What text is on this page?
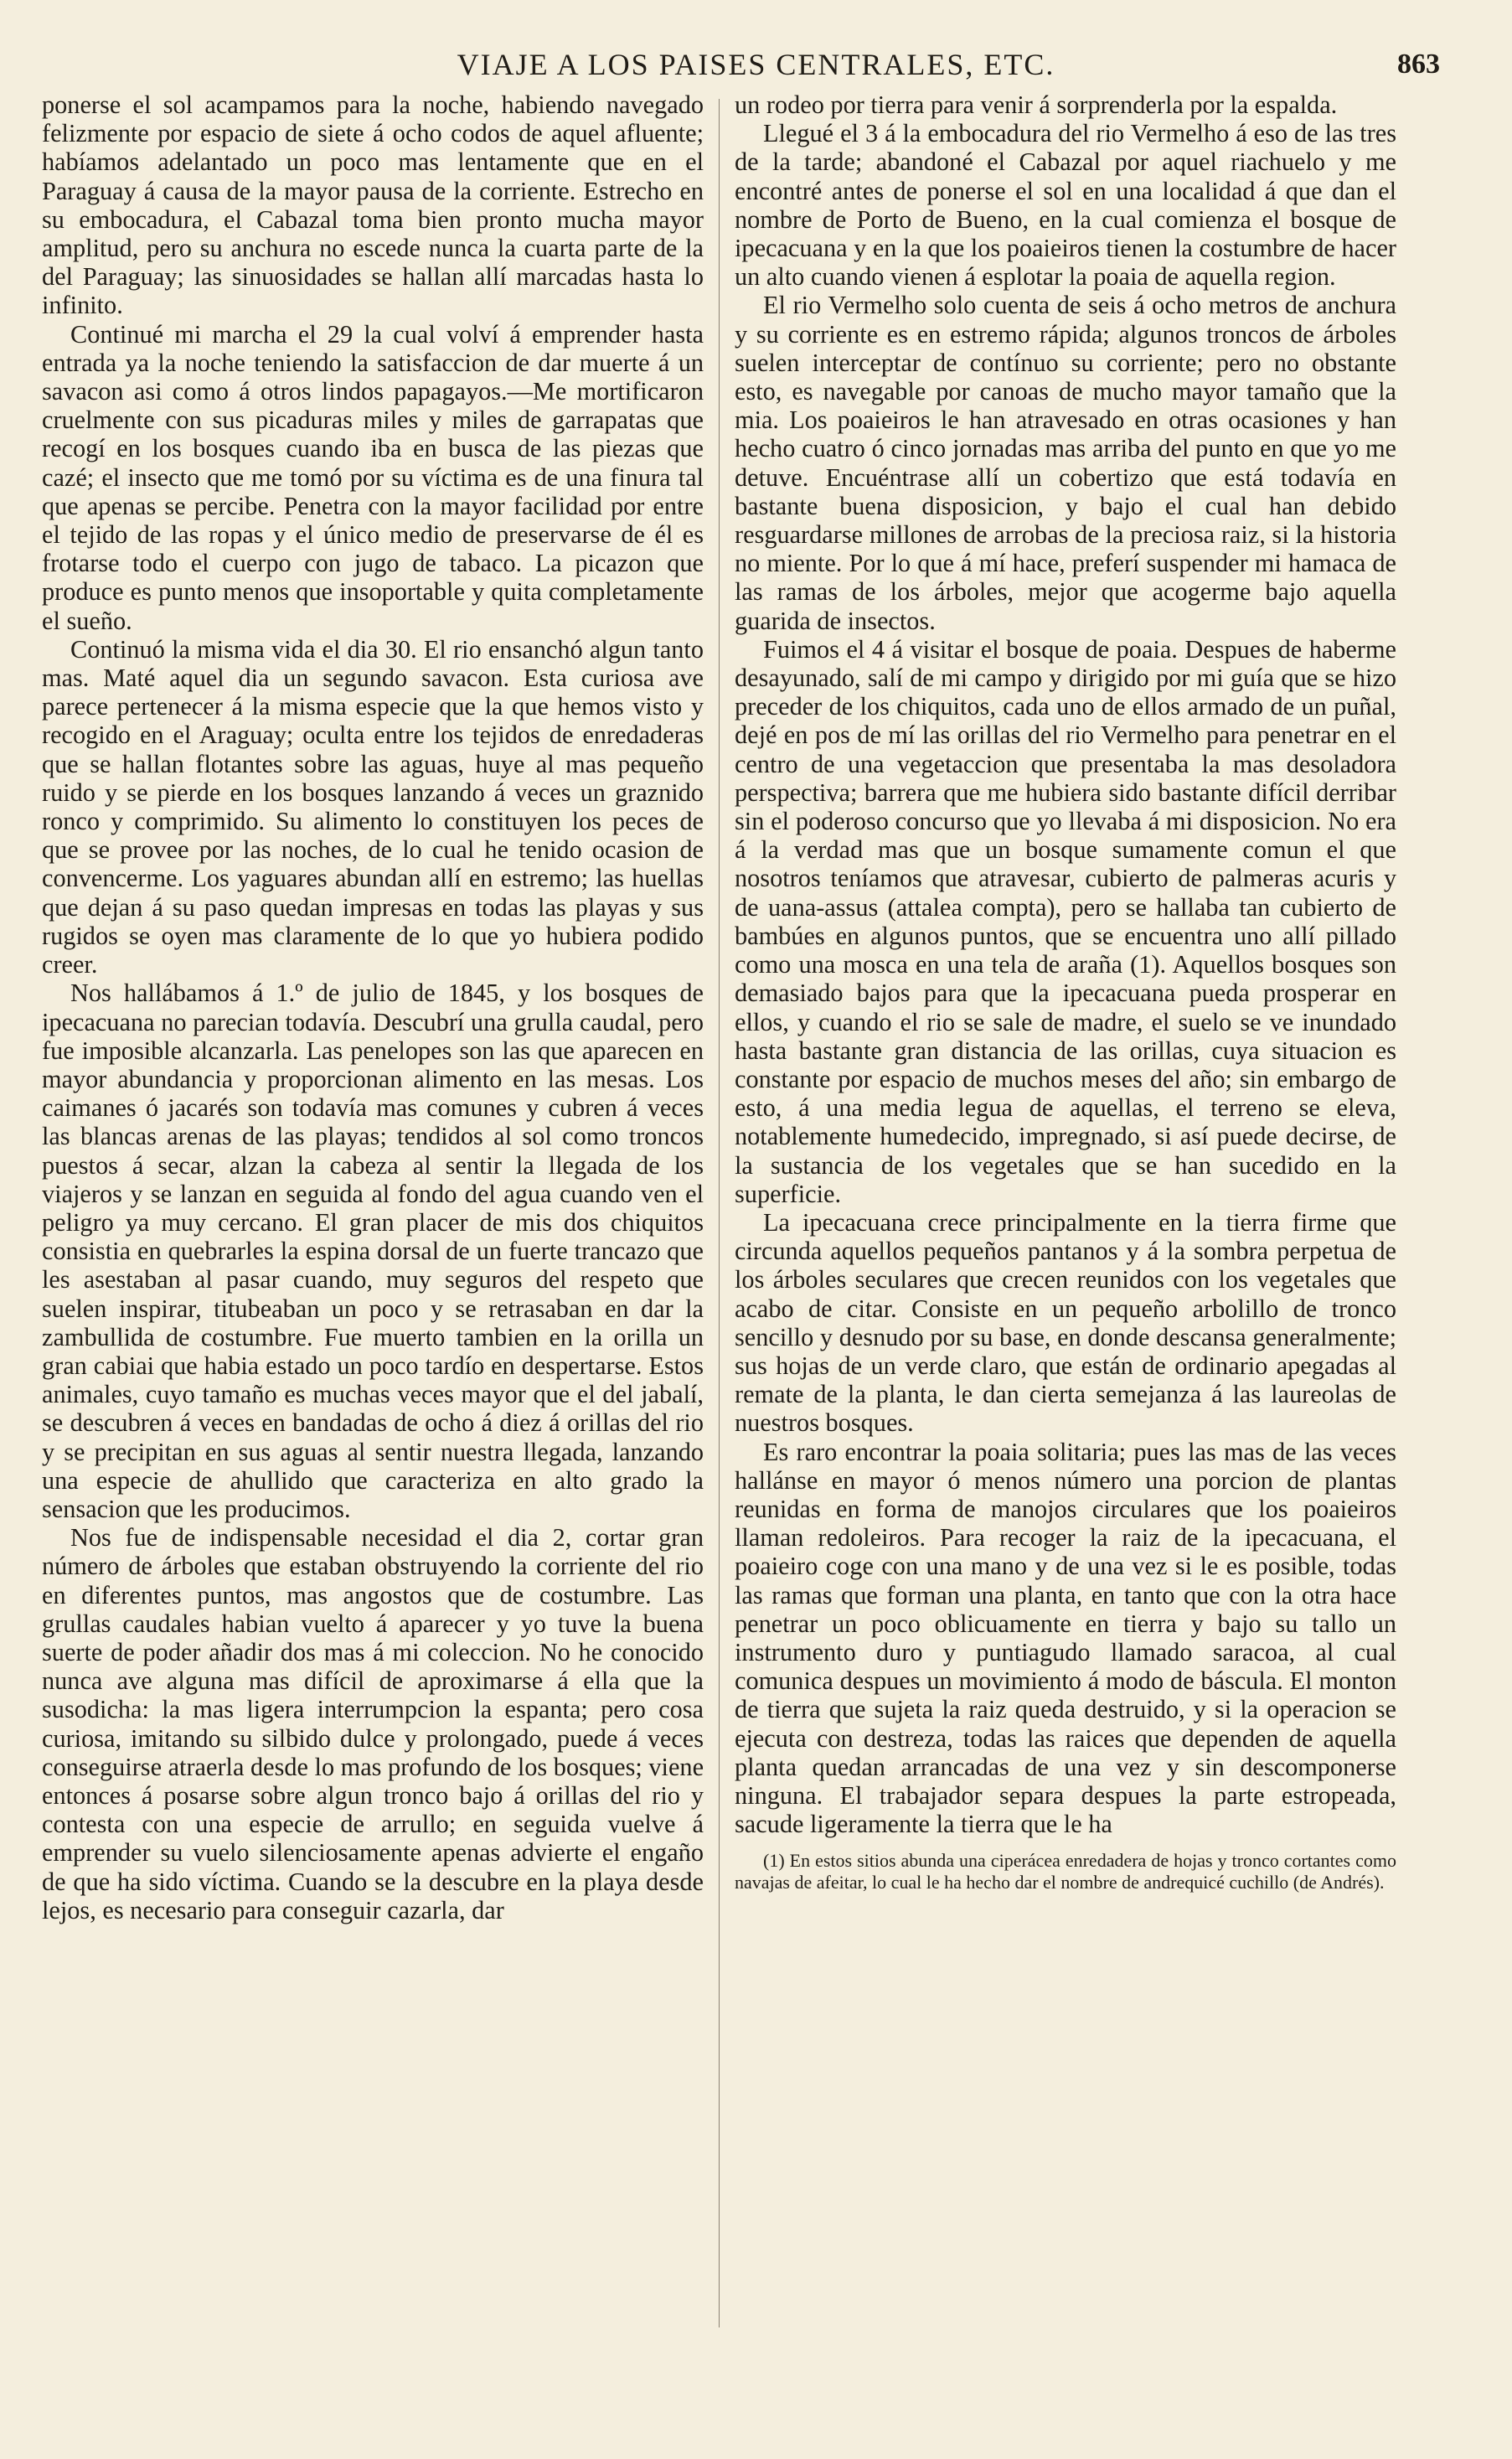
VIAJE A LOS PAISES CENTRALES, ETC.	863

ponerse el sol acampamos para la noche, habiendo navegado felizmente por espacio de siete á ocho codos de aquel afluente; habíamos adelantado un poco mas lentamente que en el Paraguay á causa de la mayor pausa de la corriente. Estrecho en su embocadura, el Cabazal toma bien pronto mucha mayor amplitud, pero su anchura no escede nunca la cuarta parte de la del Paraguay; las sinuosidades se hallan allí marcadas hasta lo infinito.

Continué mi marcha el 29 la cual volví á emprender hasta entrada ya la noche teniendo la satisfaccion de dar muerte á un savacon asi como á otros lindos papagayos.—Me mortificaron cruelmente con sus picaduras miles y miles de garrapatas que recogí en los bosques cuando iba en busca de las piezas que cazé; el insecto que me tomó por su víctima es de una finura tal que apenas se percibe. Penetra con la mayor facilidad por entre el tejido de las ropas y el único medio de preservarse de él es frotarse todo el cuerpo con jugo de tabaco. La picazon que produce es punto menos que insoportable y quita completamente el sueño.

Continuó la misma vida el dia 30. El rio ensanchó algun tanto mas. Maté aquel dia un segundo savacon. Esta curiosa ave parece pertenecer á la misma especie que la que hemos visto y recogido en el Araguay; oculta entre los tejidos de enredaderas que se hallan flotantes sobre las aguas, huye al mas pequeño ruido y se pierde en los bosques lanzando á veces un graznido ronco y comprimido. Su alimento lo constituyen los peces de que se provee por las noches, de lo cual he tenido ocasion de convencerme. Los yaguares abundan allí en estremo; las huellas que dejan á su paso quedan impresas en todas las playas y sus rugidos se oyen mas claramente de lo que yo hubiera podido creer.

Nos hallábamos á 1.º de julio de 1845, y los bosques de ipecacuana no parecian todavía. Descubrí una grulla caudal, pero fue imposible alcanzarla. Las penelopes son las que aparecen en mayor abundancia y proporcionan alimento en las mesas. Los caimanes ó jacarés son todavía mas comunes y cubren á veces las blancas arenas de las playas; tendidos al sol como troncos puestos á secar, alzan la cabeza al sentir la llegada de los viajeros y se lanzan en seguida al fondo del agua cuando ven el peligro ya muy cercano. El gran placer de mis dos chiquitos consistia en quebrarles la espina dorsal de un fuerte trancazo que les asestaban al pasar cuando, muy seguros del respeto que suelen inspirar, titubeaban un poco y se retrasaban en dar la zambullida de costumbre. Fue muerto tambien en la orilla un gran cabiai que habia estado un poco tardío en despertarse. Estos animales, cuyo tamaño es muchas veces mayor que el del jabalí, se descubren á veces en bandadas de ocho á diez á orillas del rio y se precipitan en sus aguas al sentir nuestra llegada, lanzando una especie de ahullido que caracteriza en alto grado la sensacion que les producimos.

Nos fue de indispensable necesidad el dia 2, cortar gran número de árboles que estaban obstruyendo la corriente del rio en diferentes puntos, mas angostos que de costumbre. Las grullas caudales habian vuelto á aparecer y yo tuve la buena suerte de poder añadir dos mas á mi coleccion. No he conocido nunca ave alguna mas difícil de aproximarse á ella que la susodicha: la mas ligera interrumpcion la espanta; pero cosa curiosa, imitando su silbido dulce y prolongado, puede á veces conseguirse atraerla desde lo mas profundo de los bosques; viene entonces á posarse sobre algun tronco bajo á orillas del rio y contesta con una especie de arrullo; en seguida vuelve á emprender su vuelo silenciosamente apenas advierte el engaño de que ha sido víctima. Cuando se la descubre en la playa desde lejos, es necesario para conseguir cazarla, dar

un rodeo por tierra para venir á sorprenderla por la espalda.

Llegué el 3 á la embocadura del rio Vermelho á eso de las tres de la tarde; abandoné el Cabazal por aquel riachuelo y me encontré antes de ponerse el sol en una localidad á que dan el nombre de Porto de Bueno, en la cual comienza el bosque de ipecacuana y en la que los poaieiros tienen la costumbre de hacer un alto cuando vienen á esplotar la poaia de aquella region.

El rio Vermelho solo cuenta de seis á ocho metros de anchura y su corriente es en estremo rápida; algunos troncos de árboles suelen interceptar de contínuo su corriente; pero no obstante esto, es navegable por canoas de mucho mayor tamaño que la mia. Los poaieiros le han atravesado en otras ocasiones y han hecho cuatro ó cinco jornadas mas arriba del punto en que yo me detuve. Encuéntrase allí un cobertizo que está todavía en bastante buena disposicion, y bajo el cual han debido resguardarse millones de arrobas de la preciosa raiz, si la historia no miente. Por lo que á mí hace, preferí suspender mi hamaca de las ramas de los árboles, mejor que acogerme bajo aquella guarida de insectos.

Fuimos el 4 á visitar el bosque de poaia. Despues de haberme desayunado, salí de mi campo y dirigido por mi guía que se hizo preceder de los chiquitos, cada uno de ellos armado de un puñal, dejé en pos de mí las orillas del rio Vermelho para penetrar en el centro de una vegetaccion que presentaba la mas desoladora perspectiva; barrera que me hubiera sido bastante difícil derribar sin el poderoso concurso que yo llevaba á mi disposicion. No era á la verdad mas que un bosque sumamente comun el que nosotros teníamos que atravesar, cubierto de palmeras acuris y de uana-assus (attalea compta), pero se hallaba tan cubierto de bambúes en algunos puntos, que se encuentra uno allí pillado como una mosca en una tela de araña (1). Aquellos bosques son demasiado bajos para que la ipecacuana pueda prosperar en ellos, y cuando el rio se sale de madre, el suelo se ve inundado hasta bastante gran distancia de las orillas, cuya situacion es constante por espacio de muchos meses del año; sin embargo de esto, á una media legua de aquellas, el terreno se eleva, notablemente humedecido, impregnado, si así puede decirse, de la sustancia de los vegetales que se han sucedido en la superficie.

La ipecacuana crece principalmente en la tierra firme que circunda aquellos pequeños pantanos y á la sombra perpetua de los árboles seculares que crecen reunidos con los vegetales que acabo de citar. Consiste en un pequeño arbolillo de tronco sencillo y desnudo por su base, en donde descansa generalmente; sus hojas de un verde claro, que están de ordinario apegadas al remate de la planta, le dan cierta semejanza á las laureolas de nuestros bosques.

Es raro encontrar la poaia solitaria; pues las mas de las veces hallánse en mayor ó menos número una porcion de plantas reunidas en forma de manojos circulares que los poaieiros llaman redoleiros. Para recoger la raiz de la ipecacuana, el poaieiro coge con una mano y de una vez si le es posible, todas las ramas que forman una planta, en tanto que con la otra hace penetrar un poco oblicuamente en tierra y bajo su tallo un instrumento duro y puntiagudo llamado saracoa, al cual comunica despues un movimiento á modo de báscula. El monton de tierra que sujeta la raiz queda destruido, y si la operacion se ejecuta con destreza, todas las raices que dependen de aquella planta quedan arrancadas de una vez y sin descomponerse ninguna. El trabajador separa despues la parte estropeada, sacude ligeramente la tierra que le ha

(1) En estos sitios abunda una ciperácea enredadera de hojas y tronco cortantes como navajas de afeitar, lo cual le ha hecho dar el nombre de andrequicé cuchillo (de Andrés).
